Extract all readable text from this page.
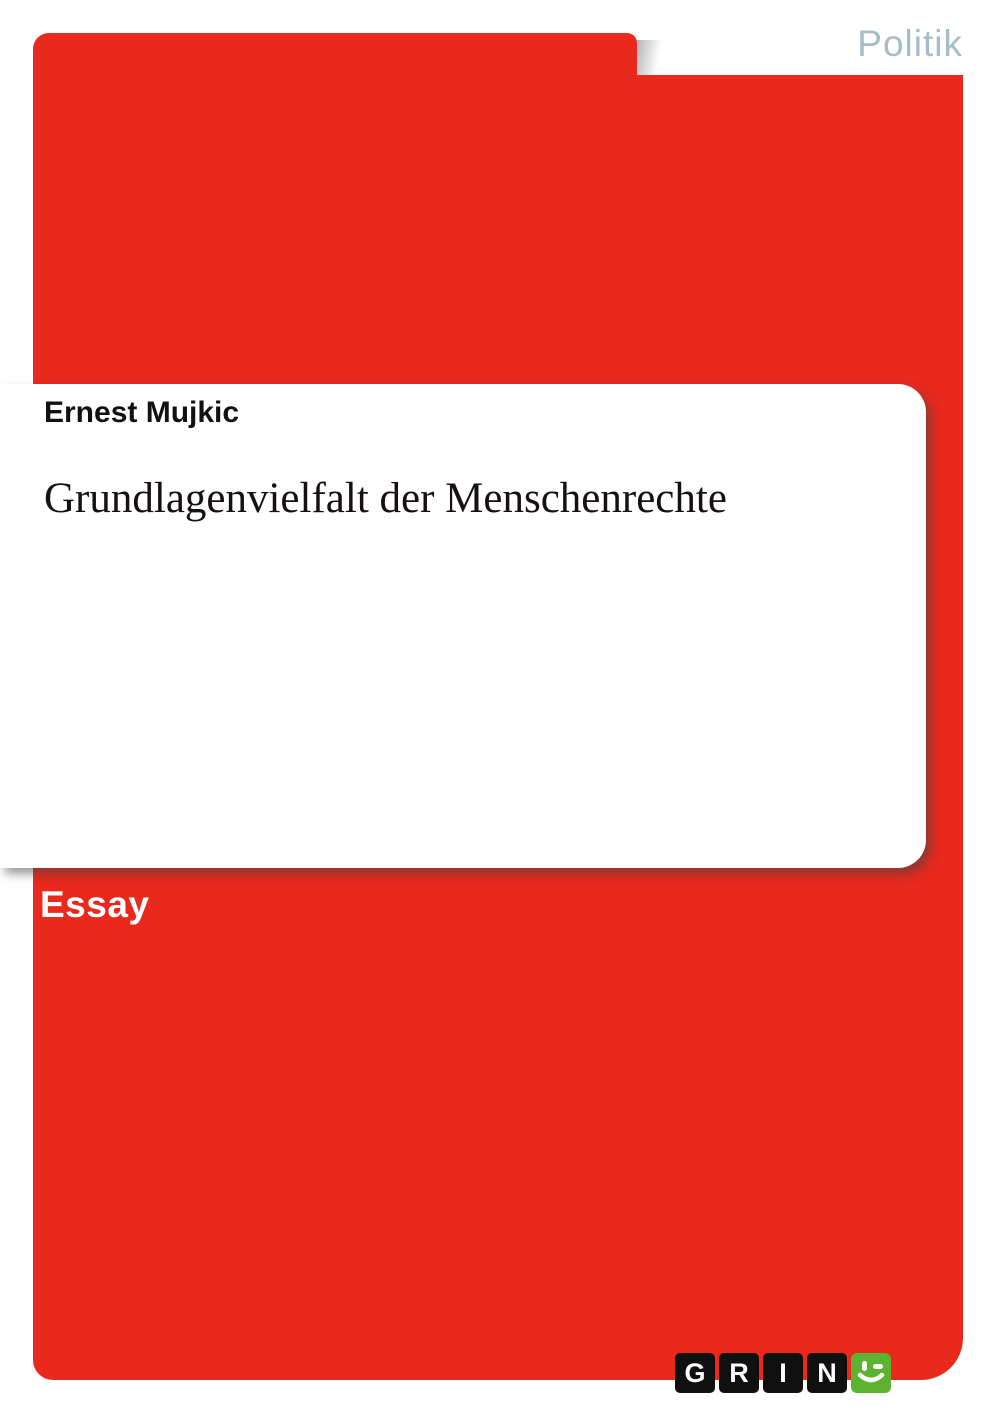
Politik
Ernest Mujkic
Grundlagenvielfalt der Menschenrechte
Essay
G R I N
